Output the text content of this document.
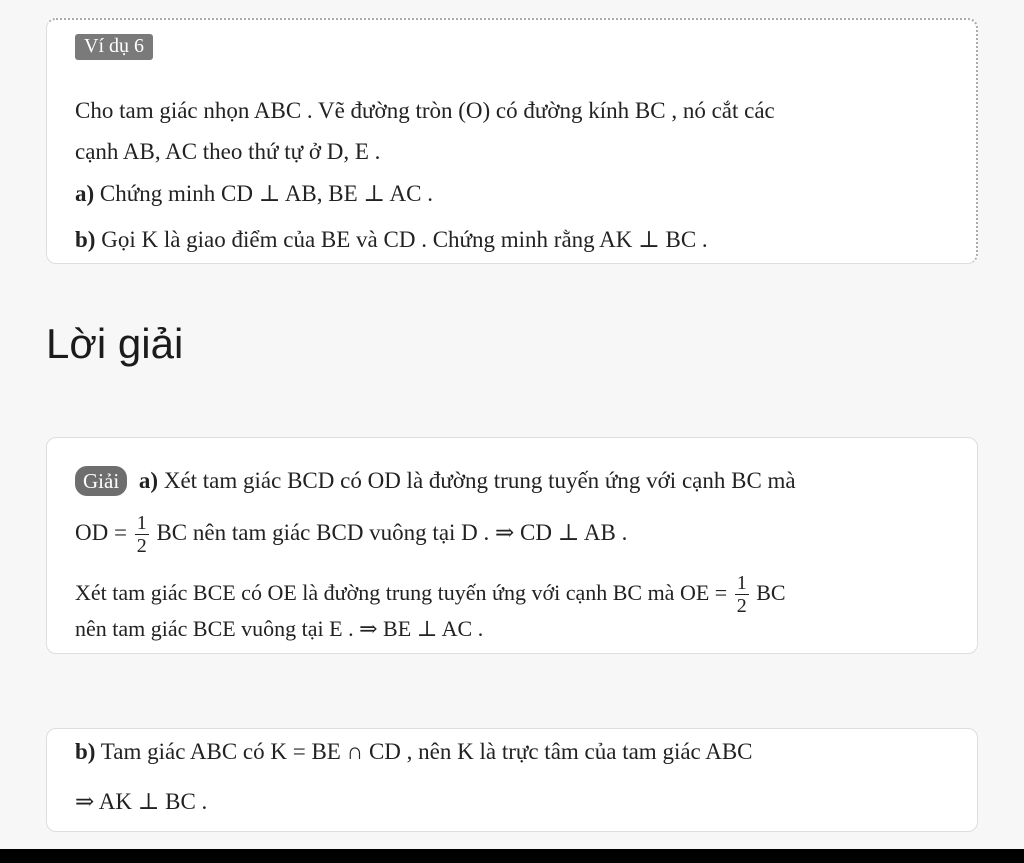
Ví dụ 6
Cho tam giác nhọn ABC . Vẽ đường tròn (O) có đường kính BC , nó cắt các
cạnh AB, AC theo thứ tự ở D, E .
a) Chứng minh CD ⊥ AB, BE ⊥ AC .
b) Gọi K là giao điểm của BE và CD . Chứng minh rằng AK ⊥ BC .
Lời giải
Giải a) Xét tam giác BCD có OD là đường trung tuyến ứng với cạnh BC mà
OD = $\frac{1}{2}$ BC nên tam giác BCD vuông tại D . ⇒ CD ⊥ AB .
Xét tam giác BCE có OE là đường trung tuyến ứng với cạnh BC mà OE = $\frac{1}{2}$ BC
nên tam giác BCE vuông tại E . ⇒ BE ⊥ AC .
b) Tam giác ABC có K = BE ∩ CD , nên K là trực tâm của tam giác ABC
⇒ AK ⊥ BC .
